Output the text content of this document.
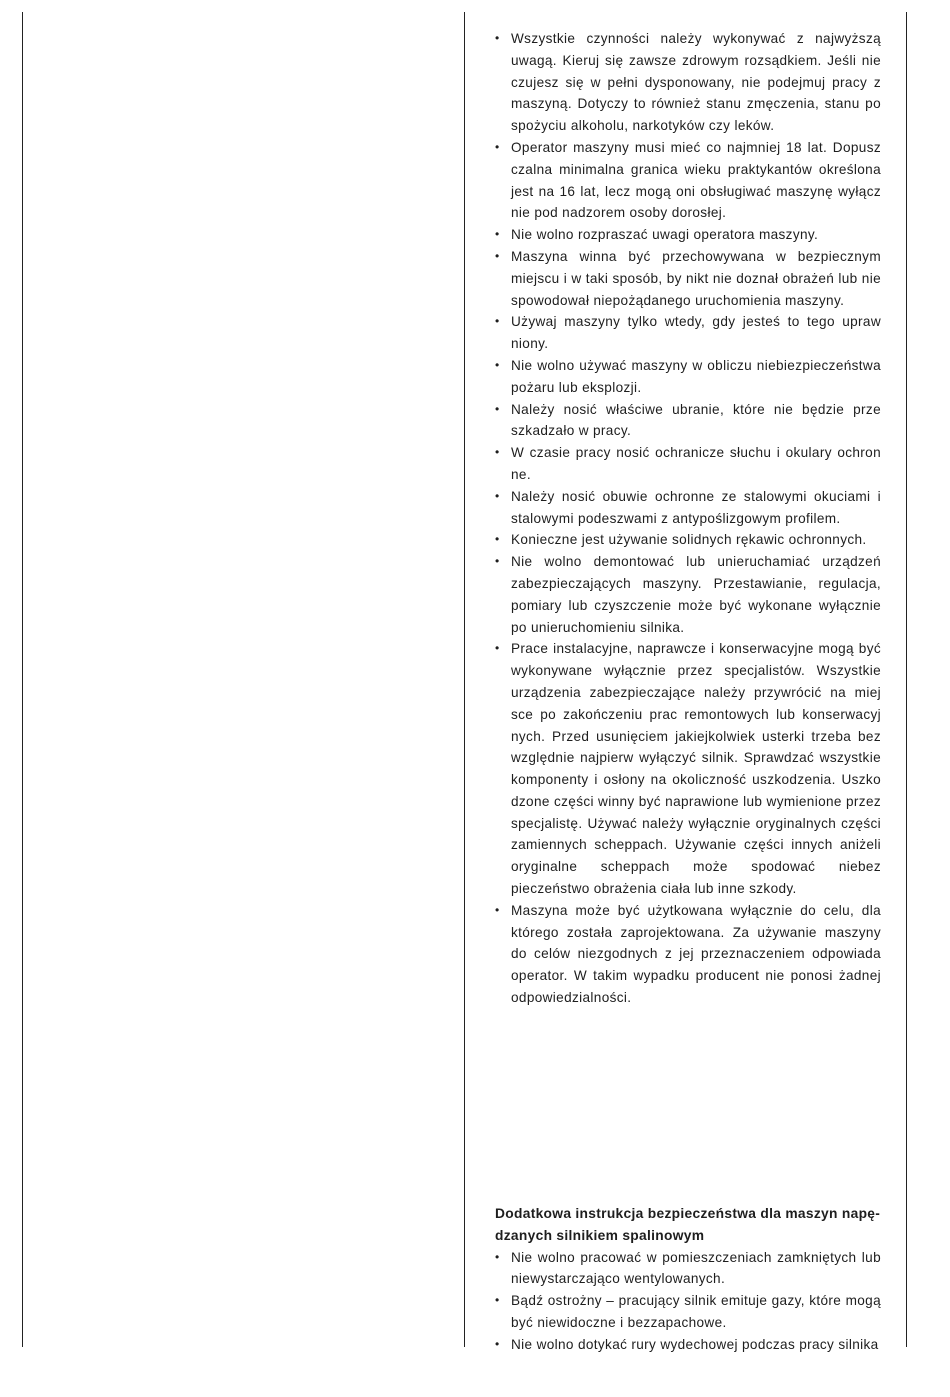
• Wszystkie czynności należy wykonywać z najwyższą uwagą. Kieruj się zawsze zdrowym rozsądkiem. Jeśli nie czujesz się w pełni dysponowany, nie podejmuj pracy z maszyną. Dotyczy to również stanu zmęczenia, stanu po spożyciu alkoholu, narkotyków czy leków.
• Operator maszyny musi mieć co najmniej 18 lat. Dopusz czalna minimalna granica wieku praktykantów określona jest na 16 lat, lecz mogą oni obsługiwać maszynę wyłącz nie pod nadzorem osoby dorosłej.
• Nie wolno rozpraszać uwagi operatora maszyny.
• Maszyna winna być przechowywana w bezpiecznym miejscu i w taki sposób, by nikt nie doznał obrażeń lub nie spowodował niepożądanego uruchomienia maszyny.
• Używaj maszyny tylko wtedy, gdy jesteś to tego upraw niony.
• Nie wolno używać maszyny w obliczu niebiezpieczeństwa pożaru lub eksplozji.
• Należy nosić właściwe ubranie, które nie będzie prze szkadzało w pracy.
• W czasie pracy nosić ochranicze słuchu i okulary ochron ne.
• Należy nosić obuwie ochronne ze stalowymi okuciami i stalowymi podeszwami z antypoślizgowym profilem.
• Konieczne jest używanie solidnych rękawic ochronnych.
• Nie wolno demontować lub unieruchamiać urządzeń zabezpieczających maszyny. Przestawianie, regulacja, pomiary lub czyszczenie może być wykonane wyłącznie po unieruchomieniu silnika.
• Prace instalacyjne, naprawcze i konserwacyjne mogą być wykonywane wyłącznie przez specjalistów. Wszystkie urządzenia zabezpieczające należy przywrócić na miej sce po zakończeniu prac remontowych lub konserwacyj nych. Przed usunięciem jakiejkolwiek usterki trzeba bez względnie najpierw wyłączyć silnik. Sprawdzać wszystkie komponenty i osłony na okoliczność uszkodzenia. Uszko dzone części winny być naprawione lub wymienione przez specjalistę. Używać należy wyłącznie oryginalnych części zamiennych scheppach. Używanie części innych aniżeli oryginalne scheppach może spodować niebez pieczeństwo obrażenia ciała lub inne szkody.
• Maszyna może być użytkowana wyłącznie do celu, dla którego została zaprojektowana. Za używanie maszyny do celów niezgodnych z jej przeznaczeniem odpowiada operator. W takim wypadku producent nie ponosi żadnej odpowiedzialności.

Dodatkowa instrukcja bezpieczeństwa dla maszyn napę- dzanych silnikiem spalinowym

• Nie wolno pracować w pomieszczeniach zamkniętych lub niewystarczająco wentylowanych.
• Bądź ostrożny – pracujący silnik emituje gazy, które mogą być niewidoczne i bezzapachowe.
• Nie wolno dotykać rury wydechowej podczas pracy silnika
